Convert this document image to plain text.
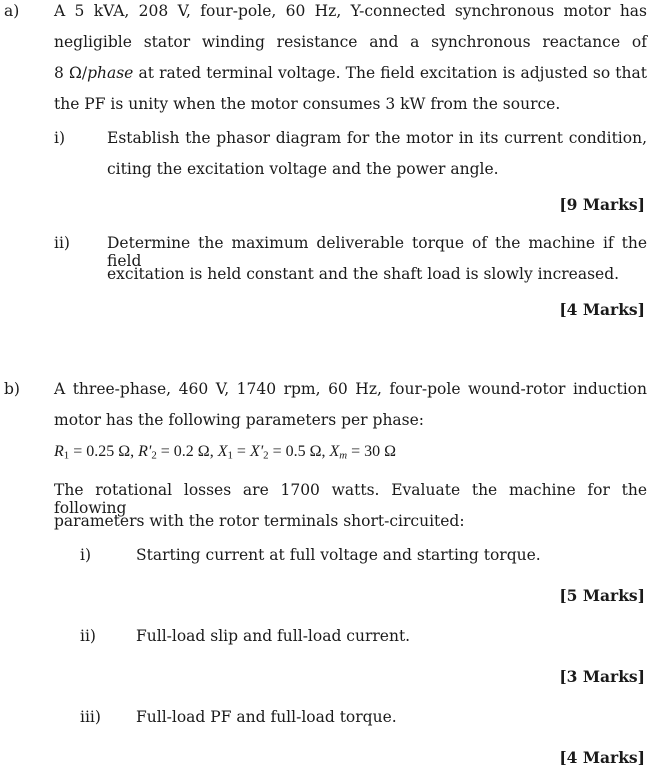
a) A 5 kVA, 208 V, four-pole, 60 Hz, Y-connected synchronous motor has
negligible stator winding resistance and a synchronous reactance of
8 Ω/phase at rated terminal voltage. The field excitation is adjusted so that
the PF is unity when the motor consumes 3 kW from the source.
i)	Establish the phasor diagram for the motor in its current condition,
citing the excitation voltage and the power angle.
[9 Marks]
ii) Determine the maximum deliverable torque of the machine if the field
excitation is held constant and the shaft load is slowly increased.
[4 Marks]
b) A three-phase, 460 V, 1740 rpm, 60 Hz, four-pole wound-rotor induction
motor has the following parameters per phase:
$R_1 = 0.25$ Ω, $R'_2 = 0.2$ Ω, $X_1 = X'_2 = 0.5$ Ω, $X_m = 30$ Ω
The rotational losses are 1700 watts. Evaluate the machine for the following
parameters with the rotor terminals short-circuited:
i)	Starting current at full voltage and starting torque.
[5 Marks]
ii)	Full-load slip and full-load current.
[3 Marks]
iii) Full-load PF and full-load torque.
[4 Marks]
